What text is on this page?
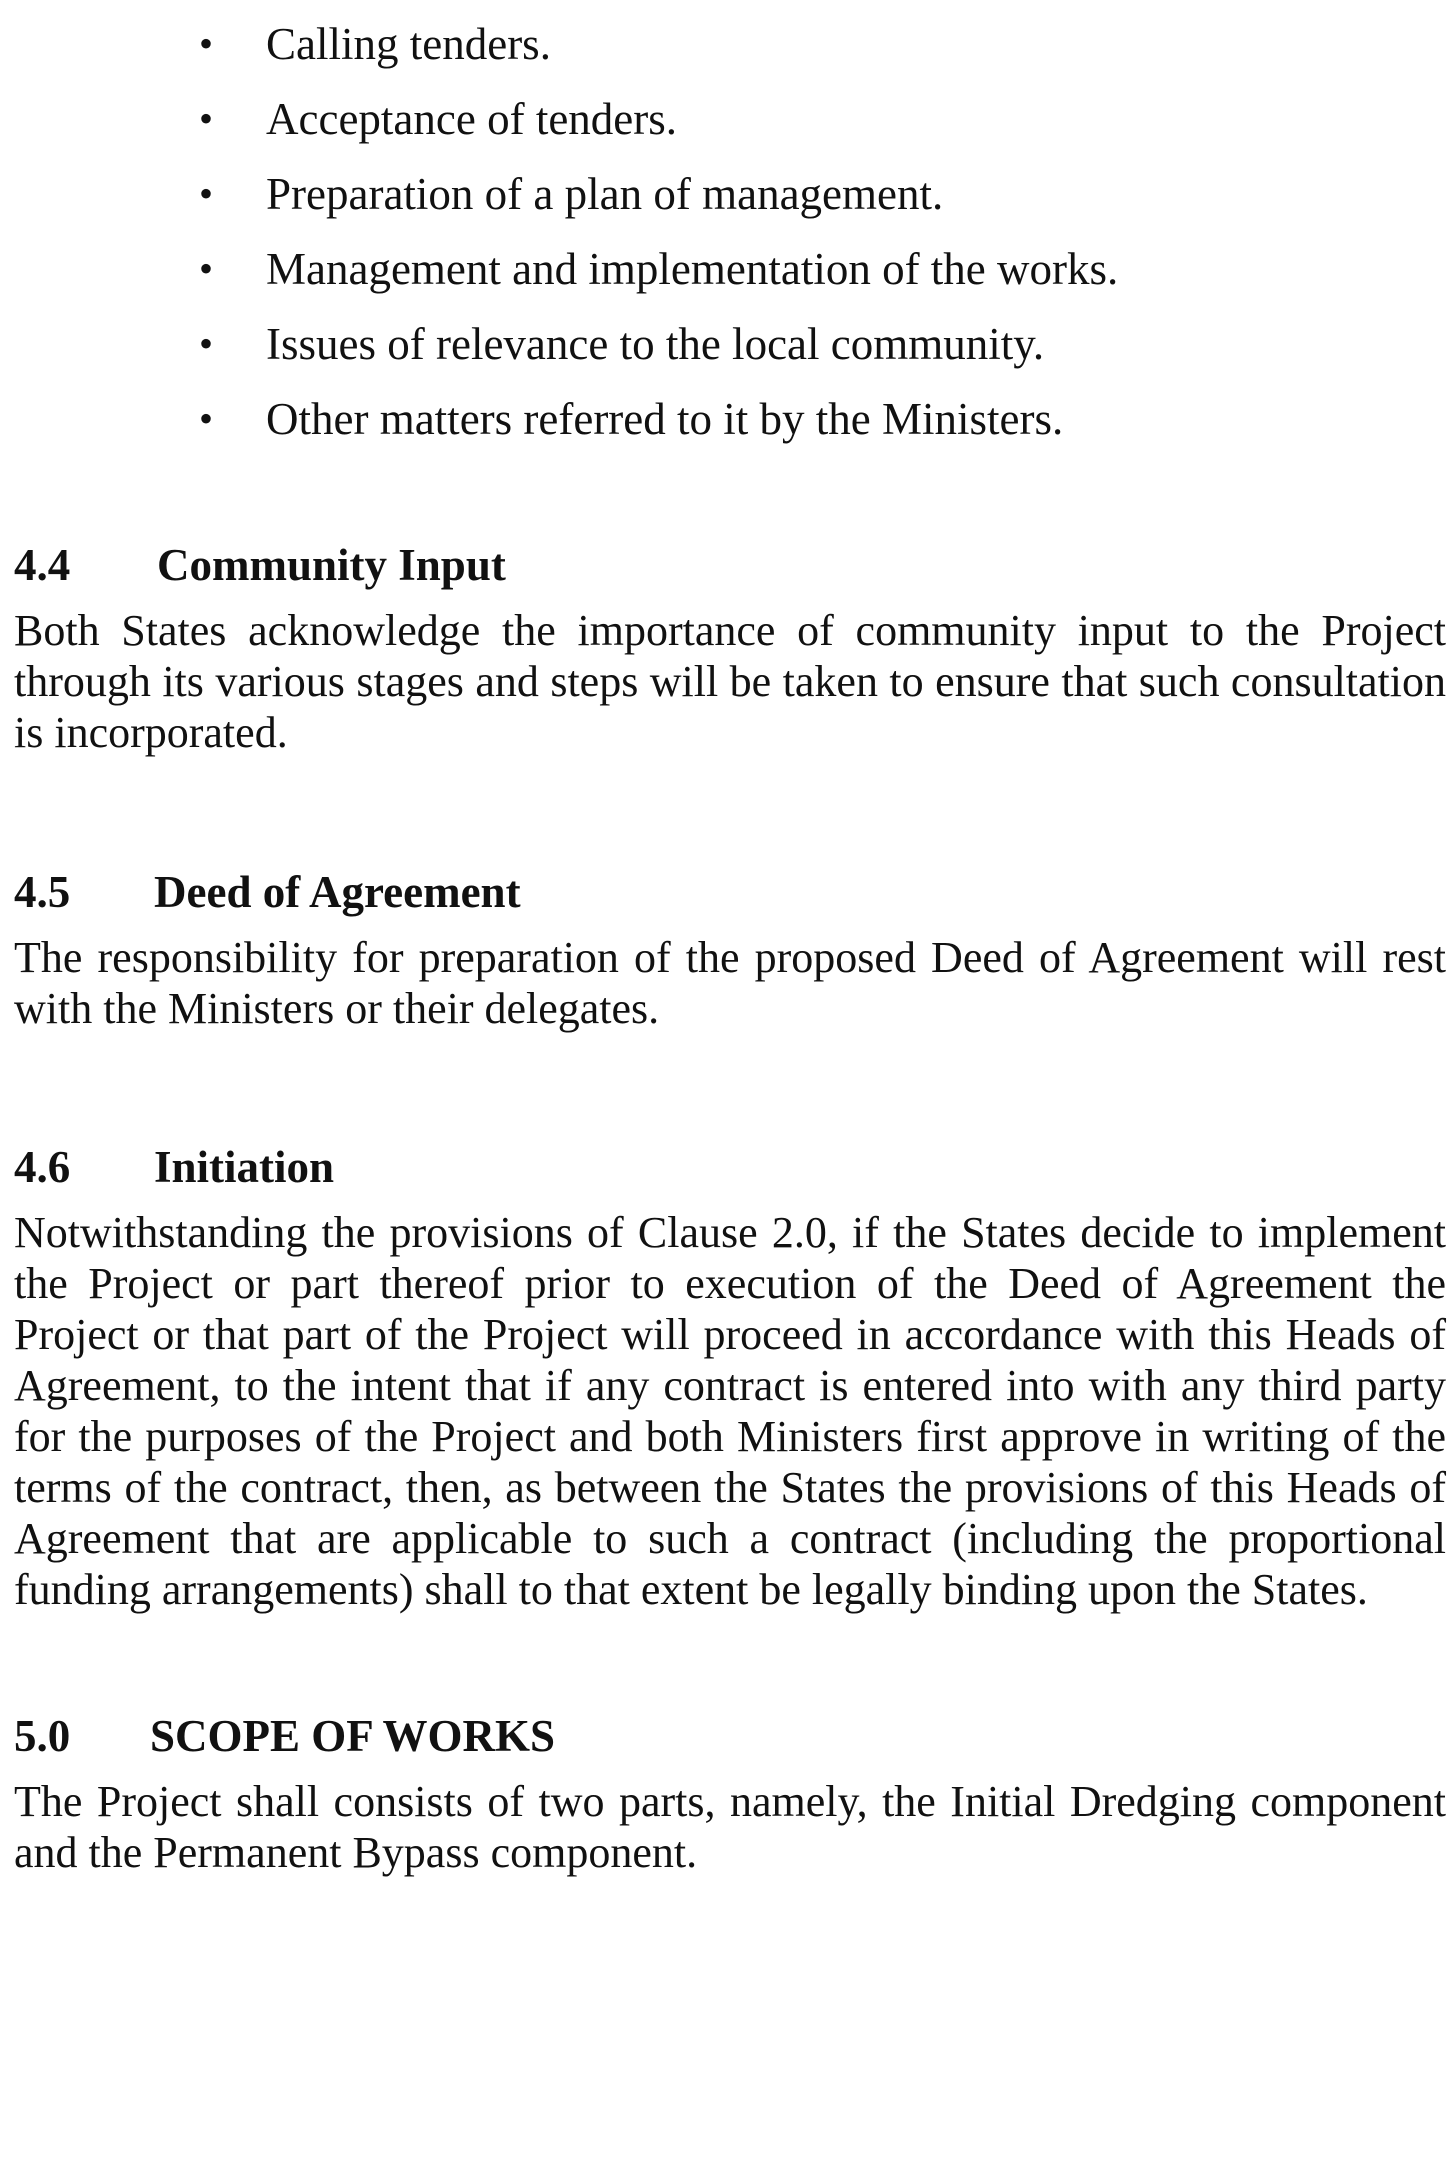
• Calling tenders.
• Acceptance of tenders.
• Preparation of a plan of management.
• Management and implementation of the works.
• Issues of relevance to the local community.
• Other matters referred to it by the Ministers.
4.4 Community Input

Both States acknowledge the importance of community input to the Project through its various stages and steps will be taken to ensure that such consultation is incorporated.

4.5 Deed of Agreement

The responsibility for preparation of the proposed Deed of Agreement will rest with the Ministers or their delegates.

4.6 Initiation

Notwithstanding the provisions of Clause 2.0, if the States decide to implement the Project or part thereof prior to execution of the Deed of Agreement the Project or that part of the Project will proceed in accordance with this Heads of Agreement, to the intent that if any contract is entered into with any third party for the purposes of the Project and both Ministers first approve in writing of the terms of the contract, then, as between the States the provisions of this Heads of Agreement that are applicable to such a contract (including the proportional funding arrangements) shall to that extent be legally binding upon the States.

5.0 SCOPE OF WORKS

The Project shall consists of two parts, namely, the Initial Dredging component and the Permanent Bypass component.
